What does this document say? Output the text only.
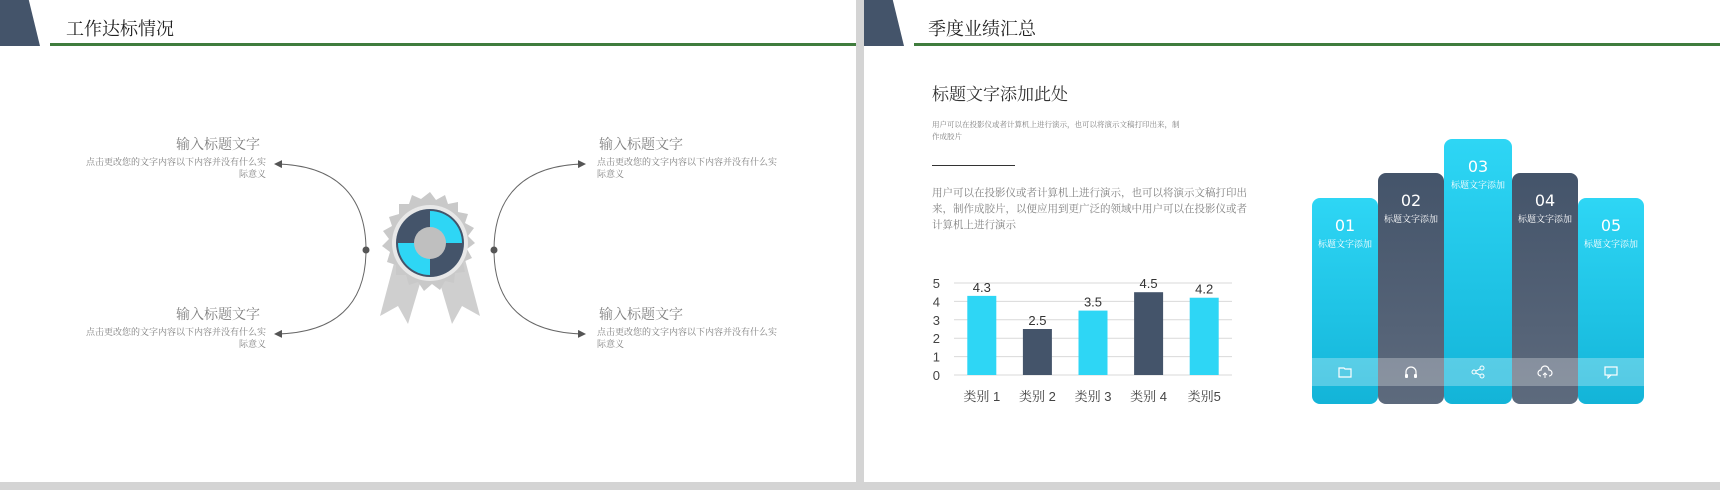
工作达标情况
输入标题文字
点击更改您的文字内容以下内容并没有什么实际意义
输入标题文字
点击更改您的文字内容以下内容并没有什么实际意义
输入标题文字
点击更改您的文字内容以下内容并没有什么实际意义
输入标题文字
点击更改您的文字内容以下内容并没有什么实际意义
季度业绩汇总
标题文字添加此处
用户可以在投影仪或者计算机上进行演示，也可以将演示文稿打印出来，制作成胶片
用户可以在投影仪或者计算机上进行演示，也可以将演示文稿打印出来，制作成胶片，以便应用到更广泛的领域中用户可以在投影仪或者计算机上进行演示
0
1
2
3
4
5	4.3
2.5
3.5
4.5	4.2
类别 1 类别 2 类别 3 类别 4 类别5
01
标题文字添加
02
标题文字添加
03
标题文字添加
04
标题文字添加	05
标题文字添加
